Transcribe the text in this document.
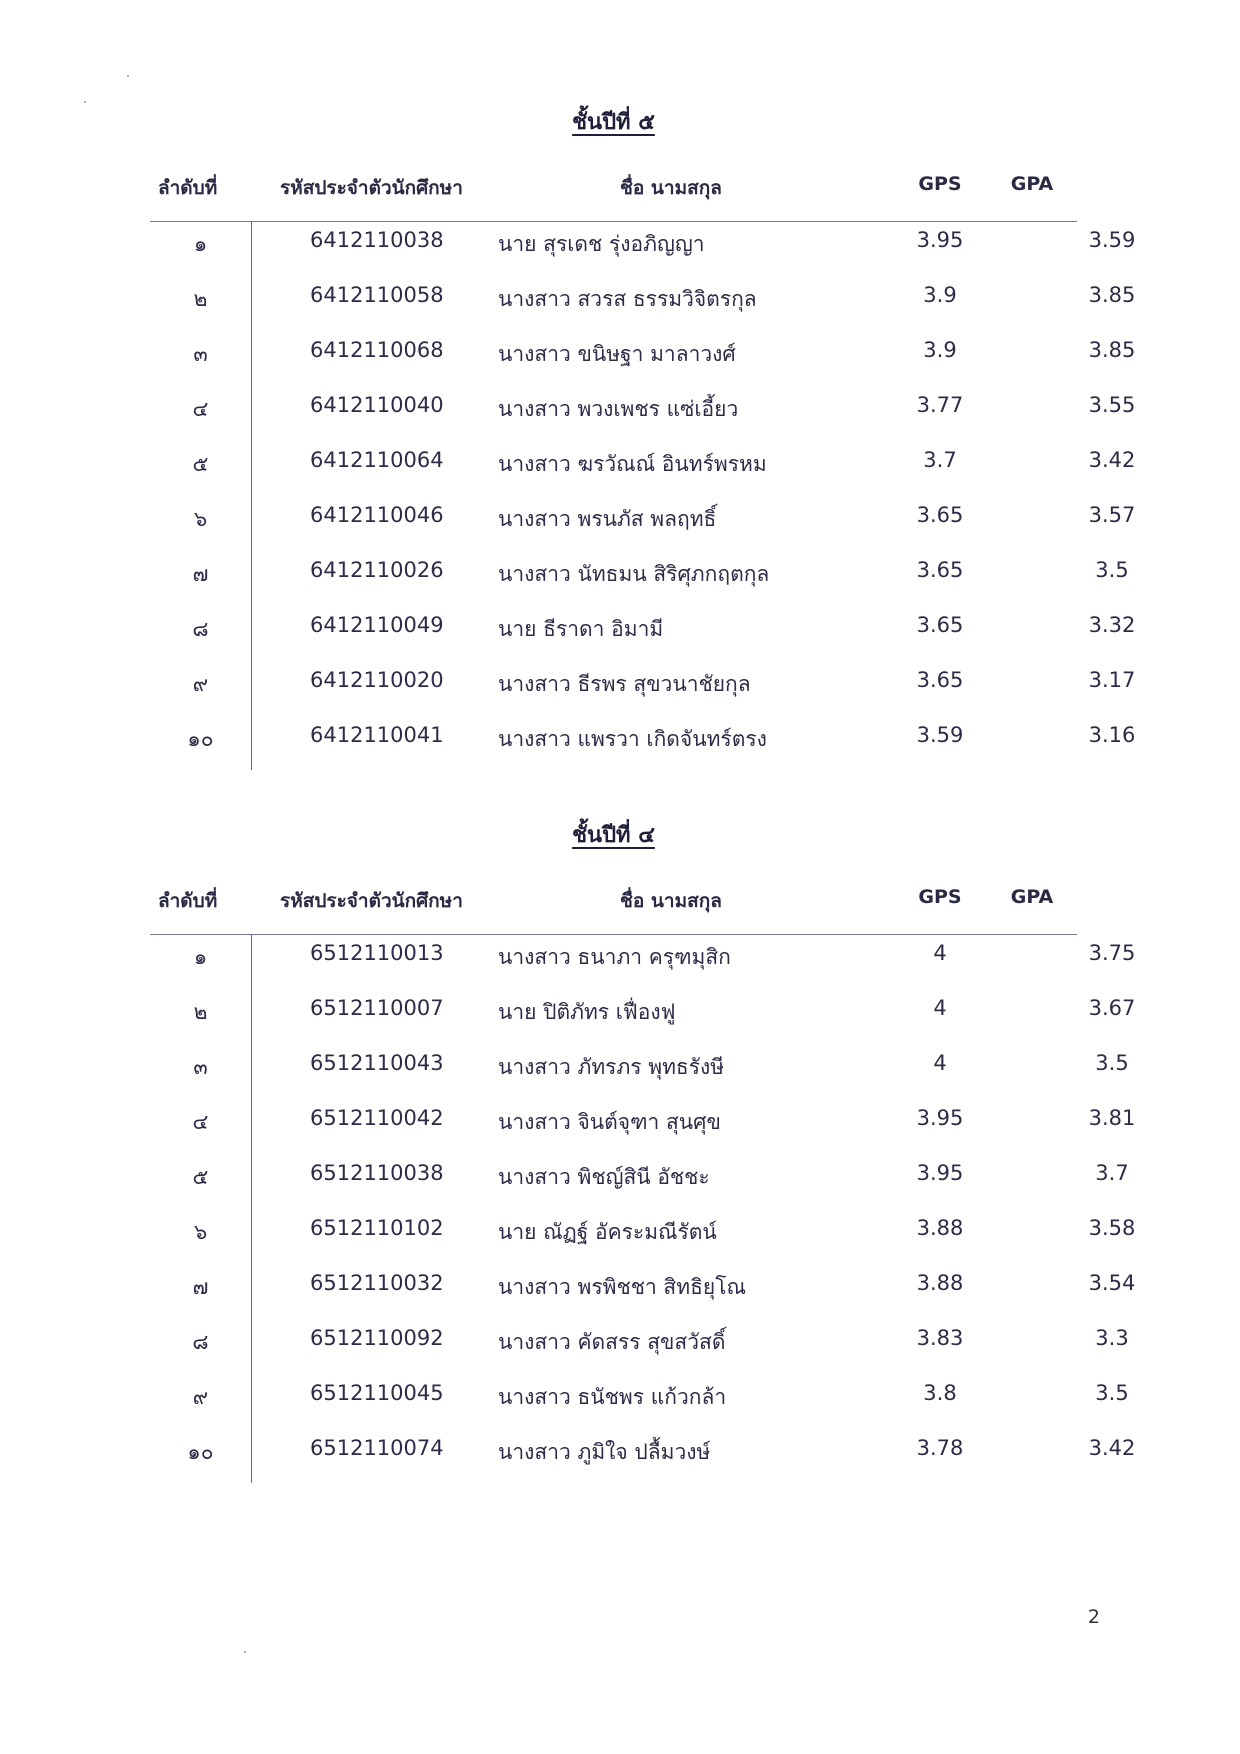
ชั้นปีที่ ๕
ลำดับที่	รหัสประจำตัวนักศึกษา	ชื่อ นามสกุล	GPS	GPA
๑	6412110038	นาย สุรเดช รุ่งอภิญญา	3.95	3.59
๒	6412110058	นางสาว สวรส ธรรมวิจิตรกุล	3.9	3.85
๓	6412110068	นางสาว ขนิษฐา มาลาวงศ์	3.9	3.85
๔	6412110040	นางสาว พวงเพชร แซ่เอี้ยว	3.77	3.55
๕	6412110064	นางสาว ฆรวัณณ์ อินทร์พรหม	3.7	3.42
๖	6412110046	นางสาว พรนภัส พลฤทธิ์	3.65	3.57
๗	6412110026	นางสาว นัทธมน สิริศุภกฤตกุล	3.65	3.5
๘	6412110049	นาย ธีราดา อิมามี	3.65	3.32
๙	6412110020	นางสาว ธีรพร สุขวนาชัยกุล	3.65	3.17
๑๐	6412110041	นางสาว แพรวา เกิดจันทร์ตรง	3.59	3.16
ชั้นปีที่ ๔
ลำดับที่	รหัสประจำตัวนักศึกษา	ชื่อ นามสกุล	GPS	GPA
๑	6512110013	นางสาว ธนาภา ครุฑมุสิก	4	3.75
๒	6512110007	นาย ปิติภัทร เฟื่องฟู	4	3.67
๓	6512110043	นางสาว ภัทรภร พุทธรังษี	4	3.5
๔	6512110042	นางสาว จินต์จุฑา สุนศุข	3.95	3.81
๕	6512110038	นางสาว พิชญ์สินี อัชชะ	3.95	3.7
๖	6512110102	นาย ณัฏฐ์ อัคระมณีรัตน์	3.88	3.58
๗	6512110032	นางสาว พรพิชชา สิทธิยุโณ	3.88	3.54
๘	6512110092	นางสาว คัดสรร สุขสวัสดิ์	3.83	3.3
๙	6512110045	นางสาว ธนัชพร แก้วกล้า	3.8	3.5
๑๐	6512110074	นางสาว ภูมิใจ ปลื้มวงษ์	3.78	3.42
2
